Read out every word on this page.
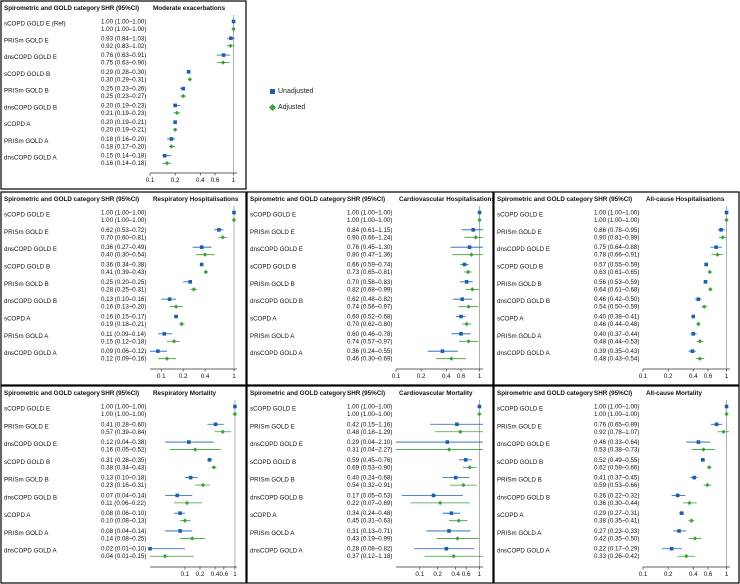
Spirometric and GOLD category SHR (95%CI) Moderate exacerbations
sCOPD GOLD E (Ref)	1.00 (1.00–1.00)
1.00 (1.00–1.00)
PRISm GOLD E	0.93 (0.84–1.03)
0.92 (0.83–1.02)
dnsCOPD GOLD E	0.76 (0.63–0.91)
0.75 (0.63–0.90)
sCOPD GOLD B	0.29 (0.28–0.30)
0.30 (0.29–0.31)
PRISm GOLD B	0.25 (0.23–0.26)
0.25 (0.23–0.27)
dnsCOPD GOLD B	0.20 (0.19–0.23)
0.21 (0.19–0.23)
sCOPD A	0.20 (0.19–0.21)
0.20 (0.19–0.21)
PRISm GOLD A	0.18 (0.16–0.20)
0.18 (0.17–0.20)
dnsCOPD GOLD A	0.15 (0.14–0.18)
0.16 (0.14–0.18)
0.1	0.2	0.4 0.6 1
Spirometric and GOLD category SHR (95%CI) Respiratory Hospitalisations
sCOPD GOLD E	1.00 (1.00–1.00)
1.00 (1.00–1.00)
PRISm GOLD E	0.62 (0.53–0.72)
0.70 (0.60–0.81)
dnsCOPD GOLD E	0.36 (0.27–0.49)
0.40 (0.30–0.54)
sCOPD GOLD B	0.36 (0.34–0.38)
0.41 (0.39–0.43)
PRISm GOLD B	0.25 (0.20–0.25)
0.28 (0.25–0.31)
dnsCOPD GOLD B	0.13 (0.10–0.16)
0.16 (0.13–0.20)
sCOPD A	0.16 (0.15–0.17)
0.19 (0.18–0.21)
PRISm GOLD A	0.11 (0.09–0.14)
0.15 (0.12–0.18)
dnsCOPD GOLD A	0.09 (0.06–0.12)
0.12 (0.09–0.16)
0.1 0.2 0.4	1
Spirometric and GOLD category SHR (95%CI) Cardiovascular Hospitalisations
sCOPD GOLD E	1.00 (1.00–1.00)
1.00 (1.00–1.00)
PRISm GOLD E	0.84 (0.61–1.15)
0.90 (0.66–1.24)
dnsCOPD GOLD E	0.76 (0.45–1.30)
0.80 (0.47–1.36)
sCOPD GOLD B	0.66 (0.59–0.74)
0.73 (0.65–0.81)
PRISm GOLD B	0.70 (0.58–0.83)
0.82 (0.68–0.99)
dnsCOPD GOLD B	0.62 (0.48–0.82)
0.74 (0.56–0.97)
sCOPD A	0.60 (0.52–0.68)
0.70 (0.62–0.80)
PRISm GOLD A	0.60 (0.46–0.78)
0.74 (0.57–0.97)
dnsCOPD GOLD A	0.36 (0.24–0.55)
0.46 (0.30–0.69)
0.1	0.2	0.4 0.6 1
Spirometric and GOLD category SHR (95%CI) All-cause Hospitalisations
sCOPD GOLD E	1.00 (1.00–1.00)
1.00 (1.00–1.00)
PRISm GOLD E	0.86 (0.78–0.95)
0.90 (0.81–0.99)
dnsCOPD GOLD E	0.75 (0.64–0.88)
0.78 (0.66–0.91)
sCOPD GOLD B	0.57 (0.55–0.59)
0.63 (0.61–0.65)
PRISm GOLD B	0.56 (0.53–0.59)
0.64 (0.61–0.68)
dnsCOPD GOLD B	0.46 (0.42–0.50)
0.54 (0.50–0.59)
sCOPD A	0.40 (0.38–0.41)
0.46 (0.44–0.48)
PRISm GOLD A	0.40 (0.37–0.44)
0.48 (0.44–0.53)
dnsCOPD GOLD A	0.39 (0.35–0.43)
0.48 (0.43–0.54)
0.1	0.2	0.4 0.6 1
Spirometric and GOLD category SHR (95%CI) Respiratory Mortality
sCOPD GOLD E	1.00 (1.00–1.00)
1.00 (1.00–1.00)
PRISm GOLD E	0.41 (0.28–0.60)
0.57 (0.39–0.84)
dnsCOPD GOLD E	0.12 (0.04–0.38)
0.16 (0.05–0.52)
sCOPD GOLD B	0.31 (0.28–0.35)
0.38 (0.34–0.43)
PRISm GOLD B	0.13 (0.10–0.18)
0.23 (0.16–0.31)
dnsCOPD GOLD B	0.07 (0.04–0.14)
0.11 (0.06–0.22)
sCOPD A	0.08 (0.06–0.10)
0.10 (0.08–0.13)
PRISm GOLD A	0.08 (0.04–0.14)
0.14 (0.08–0.25)
dnsCOPD GOLD A	0.02 (0.01–0.10)
0.04 (0.01–0.15)
0.1 0.2 0.4 0.6 1
Spirometric and GOLD category SHR (95%CI) Cardiovascular Mortality
sCOPD GOLD E	1.00 (1.00–1.00)
1.00 (1.00–1.00)
PRISm GOLD E	0.42 (0.15–1.16)
0.48 (0.18–1.29)
dnsCOPD GOLD E	0.29 (0.04–2.10)
0.31 (0.04–2.27)
sCOPD GOLD B	0.59 (0.45–0.76)
0.69 (0.53–0.90)
PRISm GOLD B	0.40 (0.24–0.68)
0.54 (0.32–0.91)
dnsCOPD GOLD B	0.17 (0.05–0.53)
0.22 (0.07–0.69)
sCOPD A	0.34 (0.24–0.48)
0.45 (0.31–0.63)
PRISm GOLD A	0.31 (0.13–0.71)
0.43 (0.19–0.99)
dnsCOPD GOLD A	0.28 (0.08–0.82)
0.37 (0.12–1.18)
0.1 0.2 0.4 0.6 1
Spirometric and GOLD category SHR (95%CI) All-cause Mortality
sCOPD GOLD E	1.00 (1.00–1.00)
1.00 (1.00–1.00)
PRISm GOLD E	0.76 (0.65–0.89)
0.92 (0.78–1.07)
dnsCOPD GOLD E	0.46 (0.33–0.64)
0.53 (0.38–0.73)
sCOPD GOLD B	0.52 (0.49–0.55)
0.62 (0.59–0.66)
PRISm GOLD B	0.41 (0.37–0.45)
0.59 (0.53–0.66)
dnsCOPD GOLD B	0.26 (0.22–0.32)
0.36 (0.30–0.44)
sCOPD A	0.29 (0.27–0.31)
0.38 (0.35–0.41)
PRISm GOLD A	0.27 (0.23–0.33)
0.42 (0.35–0.50)
dnsCOPD GOLD A	0.22 (0.17–0.29)
0.33 (0.26–0.42)
0.1	0.2	0.4 0.6 1
Unadjusted
Adjusted
